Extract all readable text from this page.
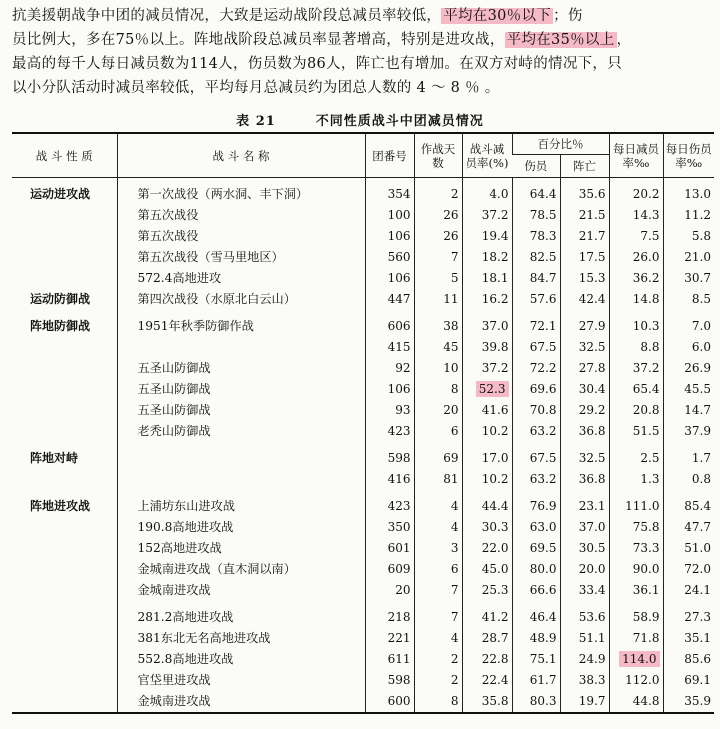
抗美援朝战争中团的减员情况，大致是运动战阶段总减员率较低， 平均在30％以下 ；伤

员比例大，多在75％以上。阵地战阶段总减员率显著增高，特别是进攻战， 平均在35％以上 ，

最高的每千人每日减员数为114人，伤员数为86人，阵亡也有增加。在双方对峙的情况下，只

以小分队活动时减员率较低，平均每月总减员约为团总人数的 4 ～ 8 ％ 。

表 21	不同性质战斗中团减员情况
战 斗 性 质	战 斗 名 称	团番号	作战天数	战斗减员率(%)	百分比％		每日减员率‰	每日伤员率‰
					伤员	阵亡		
运动进攻战	第一次战役（两水洞、丰下洞）	354	2	4.0	64.4	35.6	20.2	13.0
	第五次战役	100	26	37.2	78.5	21.5	14.3	11.2
	第五次战役	106	26	19.4	78.3	21.7	7.5	5.8
	第五次战役（雪马里地区）	560	7	18.2	82.5	17.5	26.0	21.0
	572.4高地进攻	106	5	18.1	84.7	15.3	36.2	30.7
运动防御战	第四次战役（水原北白云山）	447	11	16.2	57.6	42.4	14.8	8.5
阵地防御战	1951年秋季防御作战	606	38	37.0	72.1	27.9	10.3	7.0
		415	45	39.8	67.5	32.5	8.8	6.0
	五圣山防御战	92	10	37.2	72.2	27.8	37.2	26.9
	五圣山防御战	106	8	52.3	69.6	30.4	65.4	45.5
	五圣山防御战	93	20	41.6	70.8	29.2	20.8	14.7
	老秃山防御战	423	6	10.2	63.2	36.8	51.5	37.9
阵地对峙		598	69	17.0	67.5	32.5	2.5	1.7
		416	81	10.2	63.2	36.8	1.3	0.8
阵地进攻战	上浦坊东山进攻战	423	4	44.4	76.9	23.1	111.0	85.4
	190.8高地进攻战	350	4	30.3	63.0	37.0	75.8	47.7
	152高地进攻战	601	3	22.0	69.5	30.5	73.3	51.0
	金城南进攻战（直木洞以南）	609	6	45.0	80.0	20.0	90.0	72.0
	金城南进攻战	20	7	25.3	66.6	33.4	36.1	24.1
	281.2高地进攻战	218	7	41.2	46.4	53.6	58.9	27.3
	381东北无名高地进攻战	221	4	28.7	48.9	51.1	71.8	35.1
	552.8高地进攻战	611	2	22.8	75.1	24.9	114.0	85.6
	官垈里进攻战	598	2	22.4	61.7	38.3	112.0	69.1
	金城南进攻战	600	8	35.8	80.3	19.7	44.8	35.9
